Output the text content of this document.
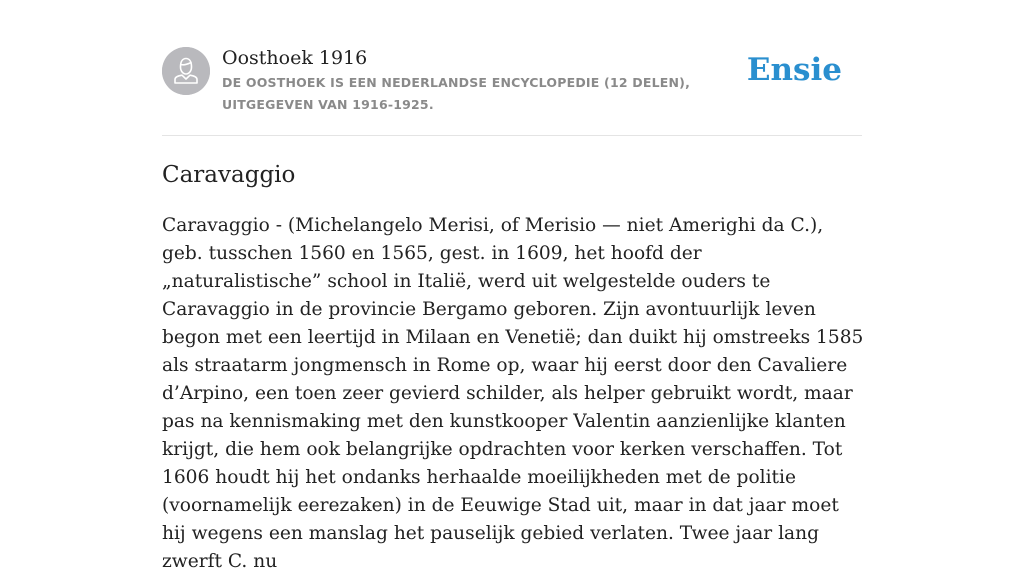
Oosthoek 1916
DE OOSTHOEK IS EEN NEDERLANDSE ENCYCLOPEDIE (12 DELEN), UITGEGEVEN VAN 1916-1925.
Ensie
Caravaggio

Caravaggio - (Michelangelo Merisi, of Merisio — niet Amerighi da C.), geb. tusschen 1560 en 1565, gest. in 1609, het hoofd der „naturalistische” school in Italië, werd uit welgestelde ouders te Caravaggio in de provincie Bergamo geboren. Zijn avontuurlijk leven begon met een leertijd in Milaan en Venetië; dan duikt hij omstreeks 1585 als straatarm jongmensch in Rome op, waar hij eerst door den Cavaliere d’Arpino, een toen zeer gevierd schilder, als helper gebruikt wordt, maar pas na kennismaking met den kunstkooper Valentin aanzienlijke klanten krijgt, die hem ook belangrijke opdrachten voor kerken verschaffen. Tot 1606 houdt hij het ondanks herhaalde moeilijkheden met de politie (voornamelijk eerezaken) in de Eeuwige Stad uit, maar in dat jaar moet hij wegens een manslag het pauselijk gebied verlaten. Twee jaar lang zwerft C. nu
